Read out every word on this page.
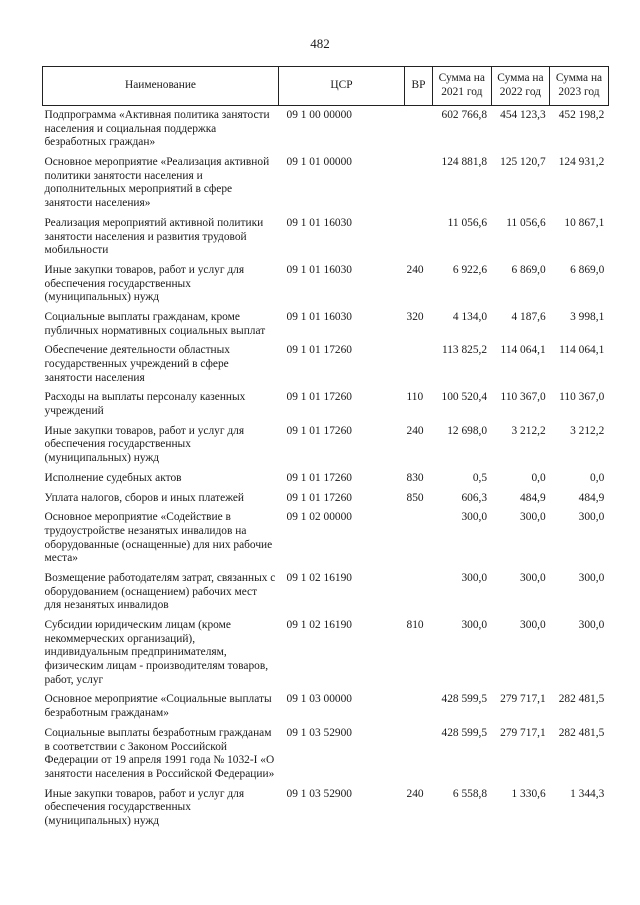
482
Наименование	ЦСР	ВР	Сумма на 2021 год	Сумма на 2022 год	Сумма на 2023 год
Подпрограмма «Активная политика занятости населения и социальная поддержка безработных граждан»	09 1 00 00000		602 766,8	454 123,3	452 198,2
Основное мероприятие «Реализация активной политики занятости населения и дополнительных мероприятий в сфере занятости населения»	09 1 01 00000		124 881,8	125 120,7	124 931,2
Реализация мероприятий активной политики занятости населения и развития трудовой мобильности	09 1 01 16030		11 056,6	11 056,6	10 867,1
Иные закупки товаров, работ и услуг для обеспечения государственных (муниципальных) нужд	09 1 01 16030	240	6 922,6	6 869,0	6 869,0
Социальные выплаты гражданам, кроме публичных нормативных социальных выплат	09 1 01 16030	320	4 134,0	4 187,6	3 998,1
Обеспечение деятельности областных государственных учреждений в сфере занятости населения	09 1 01 17260		113 825,2	114 064,1	114 064,1
Расходы на выплаты персоналу казенных учреждений	09 1 01 17260	110	100 520,4	110 367,0	110 367,0
Иные закупки товаров, работ и услуг для обеспечения государственных (муниципальных) нужд	09 1 01 17260	240	12 698,0	3 212,2	3 212,2
Исполнение судебных актов	09 1 01 17260	830	0,5	0,0	0,0
Уплата налогов, сборов и иных платежей	09 1 01 17260	850	606,3	484,9	484,9
Основное мероприятие «Содействие в трудоустройстве незанятых инвалидов на оборудованные (оснащенные) для них рабочие места»	09 1 02 00000		300,0	300,0	300,0
Возмещение работодателям затрат, связанных с оборудованием (оснащением) рабочих мест для незанятых инвалидов	09 1 02 16190		300,0	300,0	300,0
Субсидии юридическим лицам (кроме некоммерческих организаций), индивидуальным предпринимателям, физическим лицам - производителям товаров, работ, услуг	09 1 02 16190	810	300,0	300,0	300,0
Основное мероприятие «Социальные выплаты безработным гражданам»	09 1 03 00000		428 599,5	279 717,1	282 481,5
Социальные выплаты безработным гражданам в соответствии с Законом Российской Федерации от 19 апреля 1991 года № 1032-I «О занятости населения в Российской Федерации»	09 1 03 52900		428 599,5	279 717,1	282 481,5
Иные закупки товаров, работ и услуг для обеспечения государственных (муниципальных) нужд	09 1 03 52900	240	6 558,8	1 330,6	1 344,3
